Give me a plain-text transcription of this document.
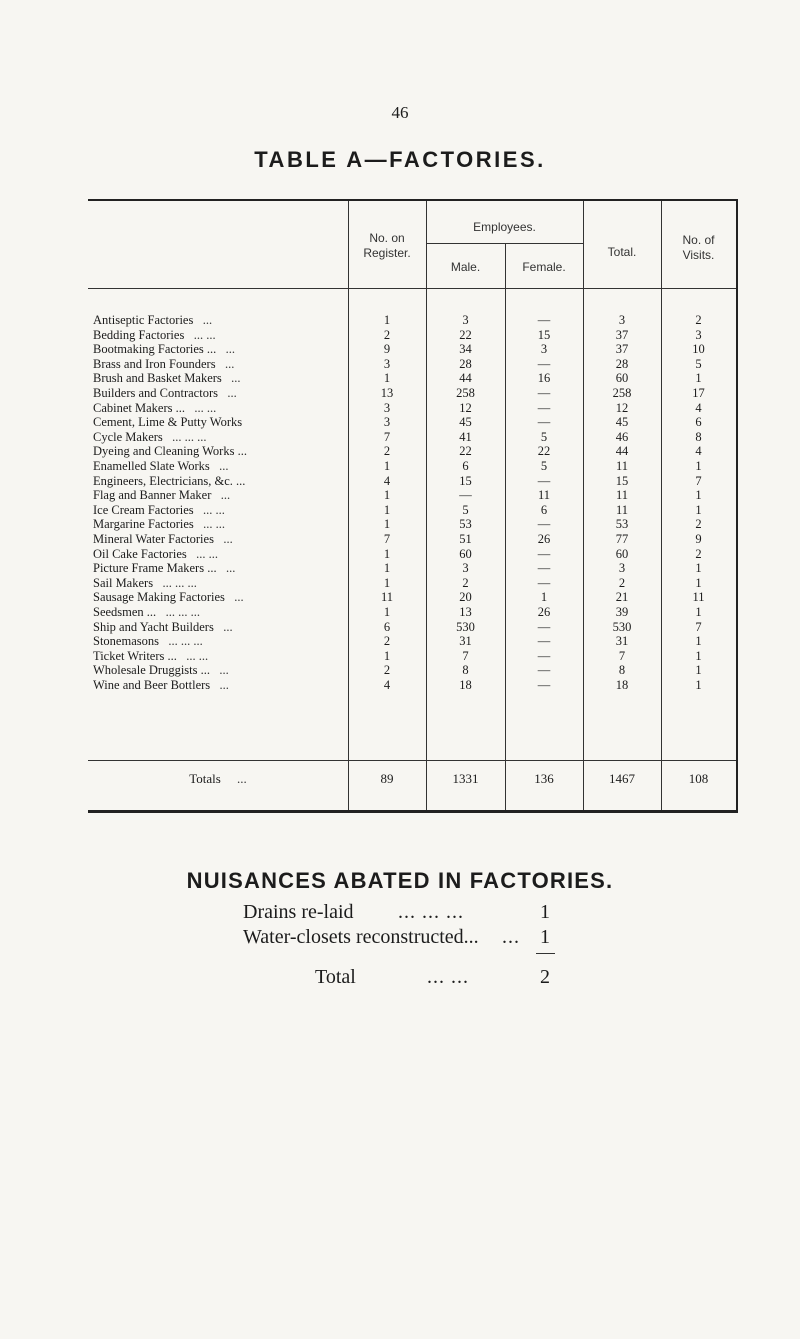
46
TABLE A—FACTORIES.
No. on
Register.
Employees.
Male.	Female.
Total.
No. of
Visits.
Antiseptic Factories ...	1	3	—	3	2
Bedding Factories ... ...	2	22	15	37	3
Bootmaking Factories ... ...	9	34	3	37	10
Brass and Iron Founders ...	3	28	—	28	5
Brush and Basket Makers ...	1	44	16	60	1
Builders and Contractors ...	13	258	—	258	17
Cabinet Makers ... ... ...	3	12	—	12	4
Cement, Lime & Putty Works	3	45	—	45	6
Cycle Makers ... ... ...	7	41	5	46	8
Dyeing and Cleaning Works ...	2	22	22	44	4
Enamelled Slate Works ...	1	6	5	11	1
Engineers, Electricians, &c. ...	4	15	—	15	7
Flag and Banner Maker ...	1	—	11	11	1
Ice Cream Factories ... ...	1	5	6	11	1
Margarine Factories ... ...	1	53	—	53	2
Mineral Water Factories ...	7	51	26	77	9
Oil Cake Factories ... ...	1	60	—	60	2
Picture Frame Makers ... ...	1	3	—	3	1
Sail Makers ... ... ...	1	2	—	2	1
Sausage Making Factories ...	11	20	1	21	11
Seedsmen ... ... ... ...	1	13	26	39	1
Ship and Yacht Builders ...	6	530	—	530	7
Stonemasons ... ... ...	2	31	—	31	1
Ticket Writers ... ... ...	1	7	—	7	1
Wholesale Druggists ... ...	2	8	—	8	1
Wine and Beer Bottlers ...	4	18	—	18	1
Totals ...	89	1331	136	1467	108
NUISANCES ABATED IN FACTORIES.
Drains re-laid ... ... ...	1
Water-closets reconstructed... ... 1
Total	... ...	2
